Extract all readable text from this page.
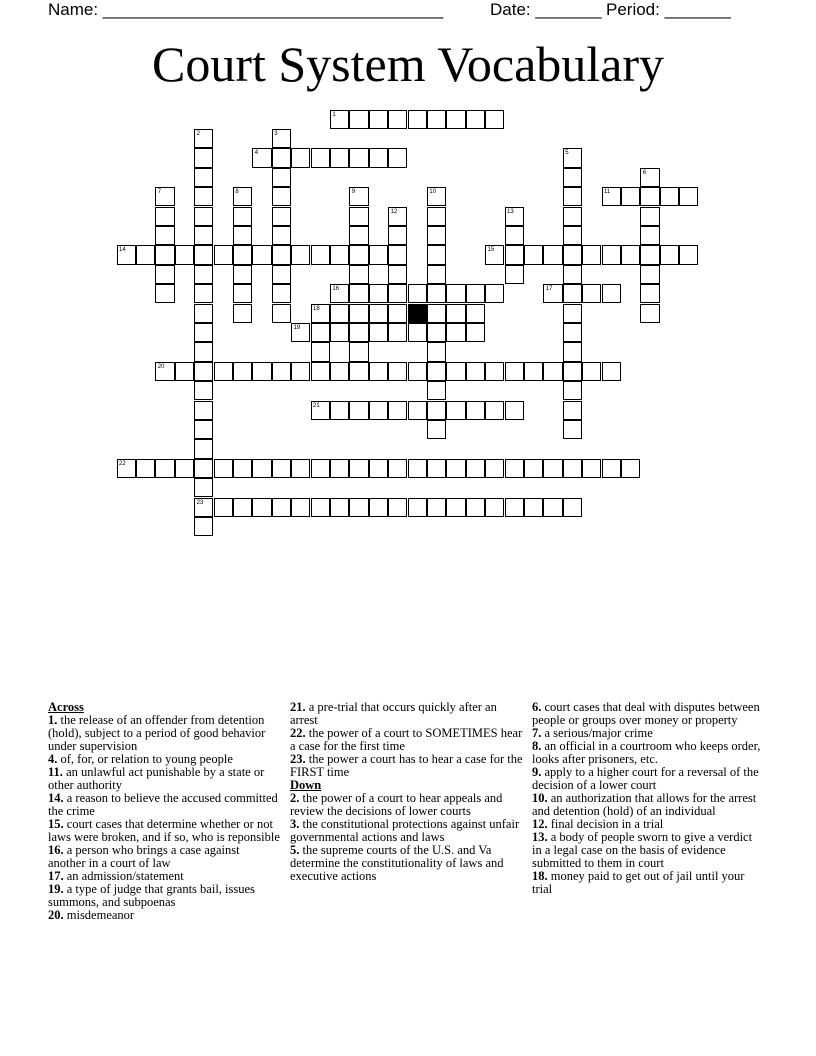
Name: ____________________________________	Date: _______ Period: _______
Court System Vocabulary
1
2	3
4	5
6
7	8	9	10	11
12	13
14	15
16	17
18
19
20
21
22
23

Across

1. the release of an offender from detention (hold), subject to a period of good behavior under supervision

4. of, for, or relation to young people

11. an unlawful act punishable by a state or other authority

14. a reason to believe the accused committed the crime

15. court cases that determine whether or not laws were broken, and if so, who is reponsible

16. a person who brings a case against another in a court of law

17. an admission/statement

19. a type of judge that grants bail, issues summons, and subpoenas

20. misdemeanor

21. a pre-trial that occurs quickly after an arrest

22. the power of a court to SOMETIMES hear a case for the first time

23. the power a court has to hear a case for the FIRST time

Down

2. the power of a court to hear appeals and review the decisions of lower courts

3. the constitutional protections against unfair governmental actions and laws

5. the supreme courts of the U.S. and Va determine the constitutionality of laws and executive actions

6. court cases that deal with disputes between people or groups over money or property

7. a serious/major crime

8. an official in a courtroom who keeps order, looks after prisoners, etc.

9. apply to a higher court for a reversal of the decision of a lower court

10. an authorization that allows for the arrest and detention (hold) of an individual

12. final decision in a trial

13. a body of people sworn to give a verdict in a legal case on the basis of evidence submitted to them in court

18. money paid to get out of jail until your trial
